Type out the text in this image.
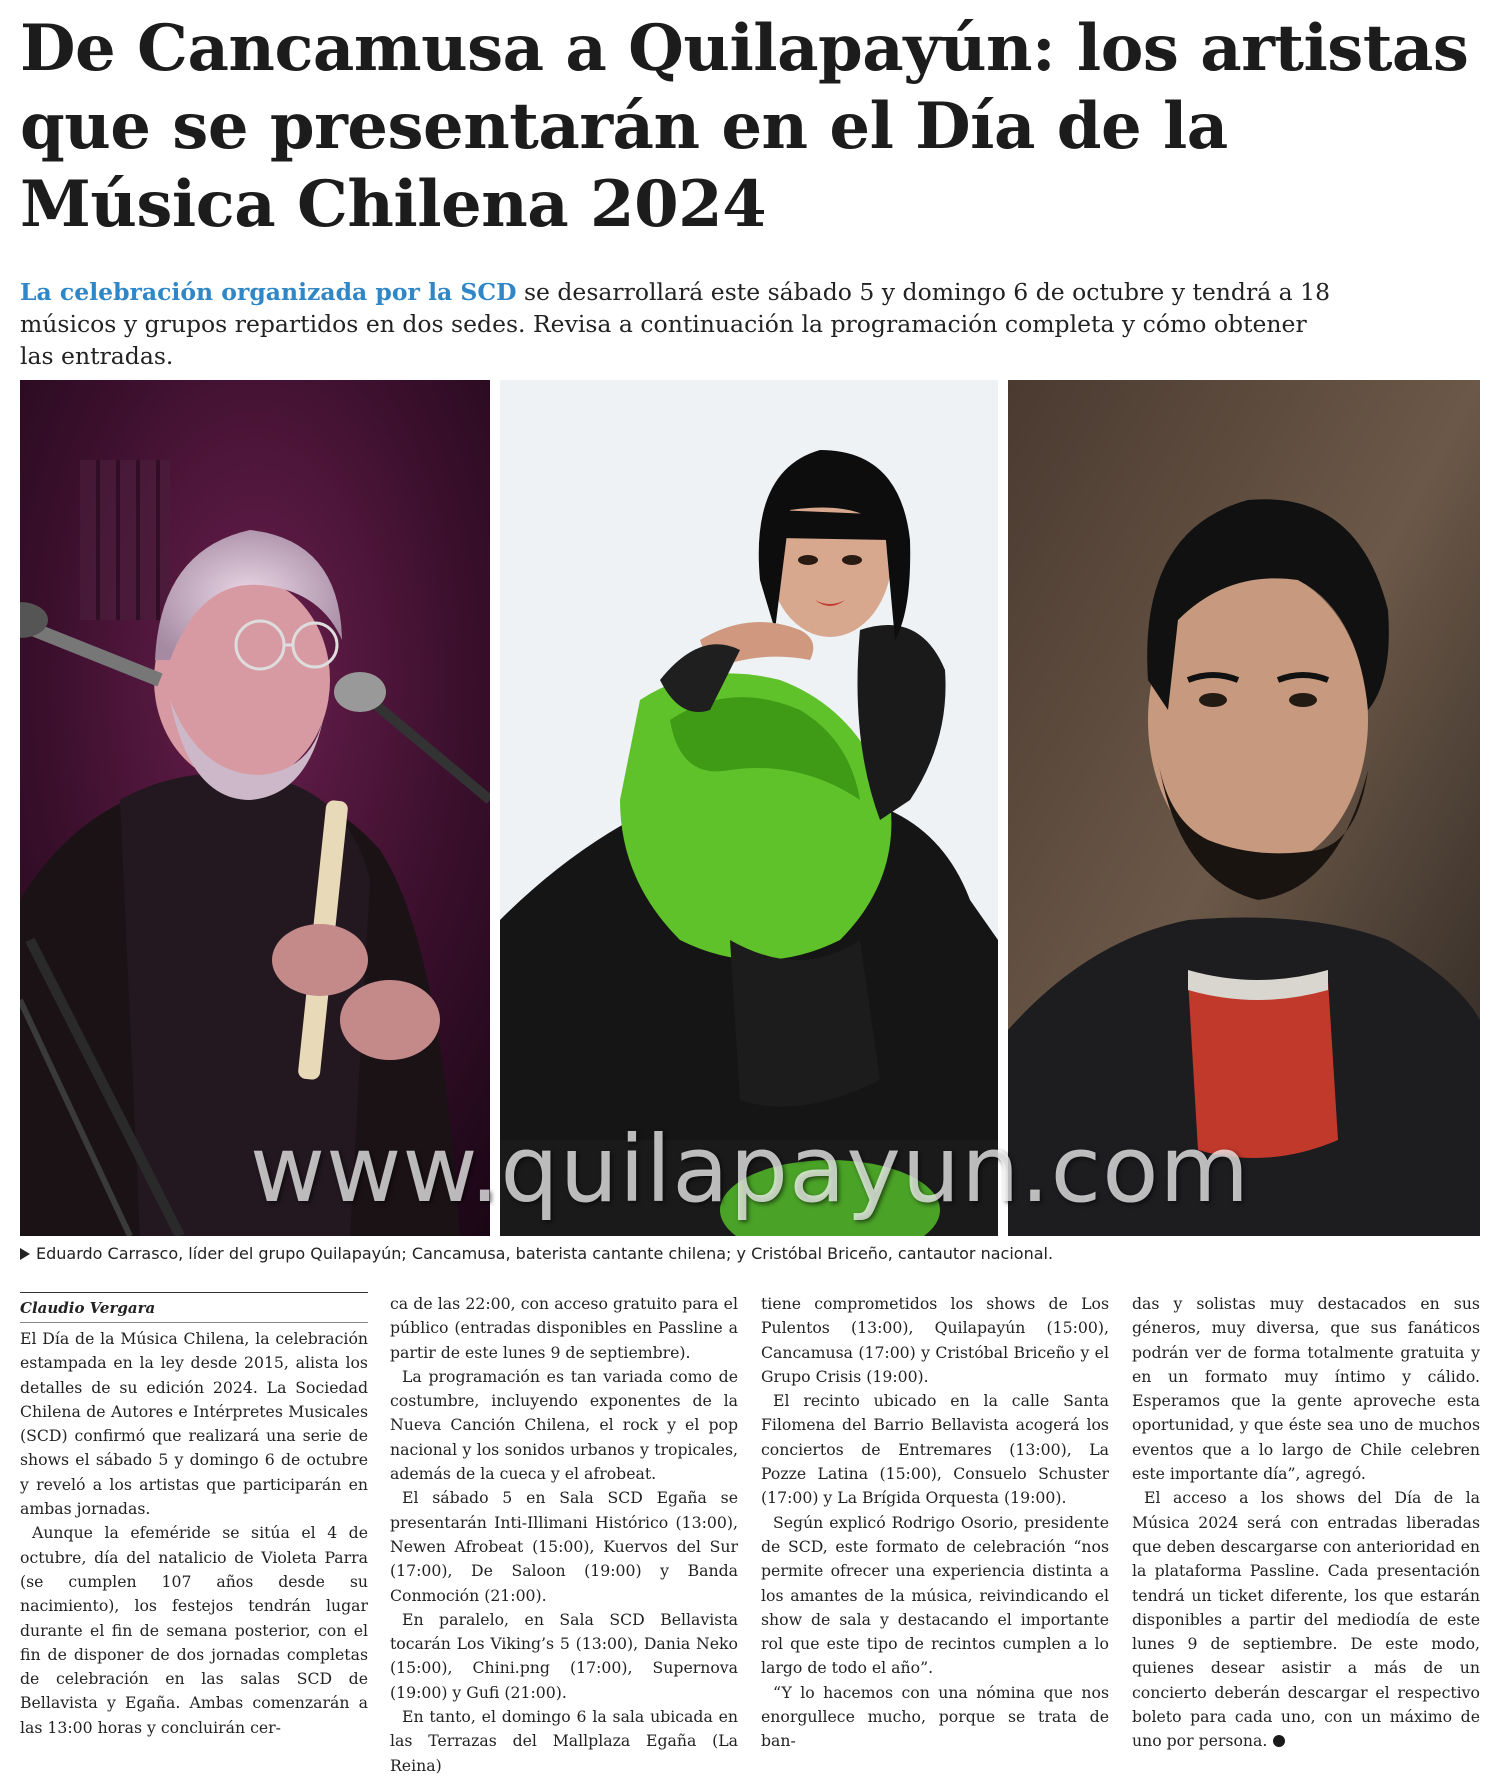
De Cancamusa a Quilapayún: los artistas que se presentarán en el Día de la Música Chilena 2024

La celebración organizada por la SCD se desarrollará este sábado 5 y domingo 6 de octubre y tendrá a 18 músicos y grupos repartidos en dos sedes. Revisa a continuación la programación completa y cómo obtener las entradas.

www.quilapayun.com
Eduardo Carrasco, líder del grupo Quilapayún; Cancamusa, baterista cantante chilena; y Cristóbal Briceño, cantautor nacional.
Claudio Vergara

El Día de la Música Chilena, la celebración estampada en la ley desde 2015, alista los detalles de su edición 2024. La Sociedad Chilena de Autores e Intérpretes Musicales (SCD) confirmó que realizará una serie de shows el sábado 5 y domingo 6 de octubre y reveló a los artistas que participarán en ambas jornadas.

Aunque la efeméride se sitúa el 4 de octubre, día del natalicio de Violeta Parra (se cumplen 107 años desde su nacimiento), los festejos tendrán lugar durante el fin de semana posterior, con el fin de disponer de dos jornadas completas de celebración en las salas SCD de Bellavista y Egaña. Ambas comenzarán a las 13:00 horas y concluirán cer-

ca de las 22:00, con acceso gratuito para el público (entradas disponibles en Passline a partir de este lunes 9 de septiembre).

La programación es tan variada como de costumbre, incluyendo exponentes de la Nueva Canción Chilena, el rock y el pop nacional y los sonidos urbanos y tropicales, además de la cueca y el afrobeat.

El sábado 5 en Sala SCD Egaña se presentarán Inti-Illimani Histórico (13:00), Newen Afrobeat (15:00), Kuervos del Sur (17:00), De Saloon (19:00) y Banda Conmoción (21:00).

En paralelo, en Sala SCD Bellavista tocarán Los Viking’s 5 (13:00), Dania Neko (15:00), Chini.png (17:00), Supernova (19:00) y Gufi (21:00).

En tanto, el domingo 6 la sala ubicada en las Terrazas del Mallplaza Egaña (La Reina)

tiene comprometidos los shows de Los Pulentos (13:00), Quilapayún (15:00), Cancamusa (17:00) y Cristóbal Briceño y el Grupo Crisis (19:00).

El recinto ubicado en la calle Santa Filomena del Barrio Bellavista acogerá los conciertos de Entremares (13:00), La Pozze Latina (15:00), Consuelo Schuster (17:00) y La Brígida Orquesta (19:00).

Según explicó Rodrigo Osorio, presidente de SCD, este formato de celebración “nos permite ofrecer una experiencia distinta a los amantes de la música, reivindicando el show de sala y destacando el importante rol que este tipo de recintos cumplen a lo largo de todo el año”.

“Y lo hacemos con una nómina que nos enorgullece mucho, porque se trata de ban-

das y solistas muy destacados en sus géneros, muy diversa, que sus fanáticos podrán ver de forma totalmente gratuita y en un formato muy íntimo y cálido. Esperamos que la gente aproveche esta oportunidad, y que éste sea uno de muchos eventos que a lo largo de Chile celebren este importante día”, agregó.

El acceso a los shows del Día de la Música 2024 será con entradas liberadas que deben descargarse con anterioridad en la plataforma Passline. Cada presentación tendrá un ticket diferente, los que estarán disponibles a partir del mediodía de este lunes 9 de septiembre. De este modo, quienes desear asistir a más de un concierto deberán descargar el respectivo boleto para cada uno, con un máximo de uno por persona.
